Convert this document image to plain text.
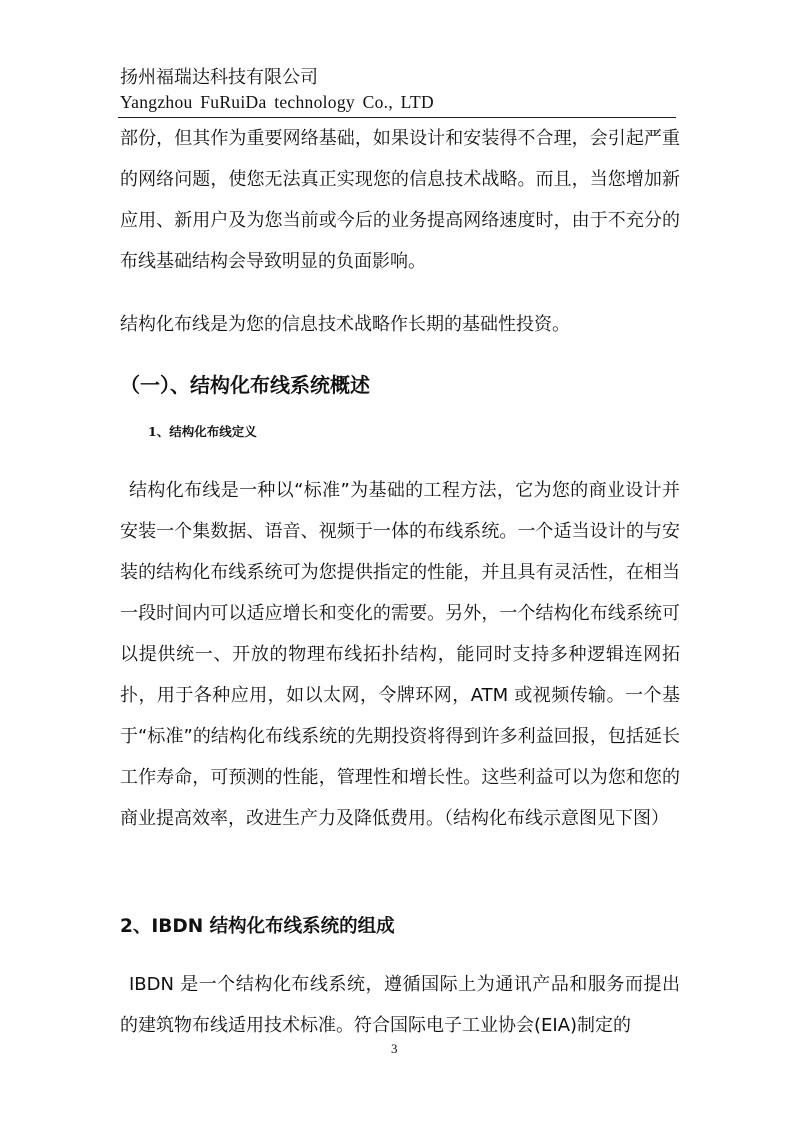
扬州福瑞达科技有限公司
Yangzhou FuRuiDa technology Co., LTD
部份，但其作为重要网络基础，如果设计和安装得不合理，会引起严重的网络问题，使您无法真正实现您的信息技术战略。而且，当您增加新应用、新用户及为您当前或今后的业务提高网络速度时，由于不充分的布线基础结构会导致明显的负面影响。
结构化布线是为您的信息技术战略作长期的基础性投资。
（一）、结构化布线系统概述
1、结构化布线定义
结构化布线是一种以“标准”为基础的工程方法，它为您的商业设计并安装一个集数据、语音、视频于一体的布线系统。一个适当设计的与安装的结构化布线系统可为您提供指定的性能，并且具有灵活性，在相当一段时间内可以适应增长和变化的需要。另外，一个结构化布线系统可以提供统一、开放的物理布线拓扑结构，能同时支持多种逻辑连网拓扑，用于各种应用，如以太网，令牌环网，ATM 或视频传输。一个基于“标准”的结构化布线系统的先期投资将得到许多利益回报，包括延长工作寿命，可预测的性能，管理性和增长性。这些利益可以为您和您的商业提高效率，改进生产力及降低费用。（结构化布线示意图见下图）
2、IBDN 结构化布线系统的组成
IBDN 是一个结构化布线系统，遵循国际上为通讯产品和服务而提出的建筑物布线适用技术标准。符合国际电子工业协会(EIA)制定的
3
